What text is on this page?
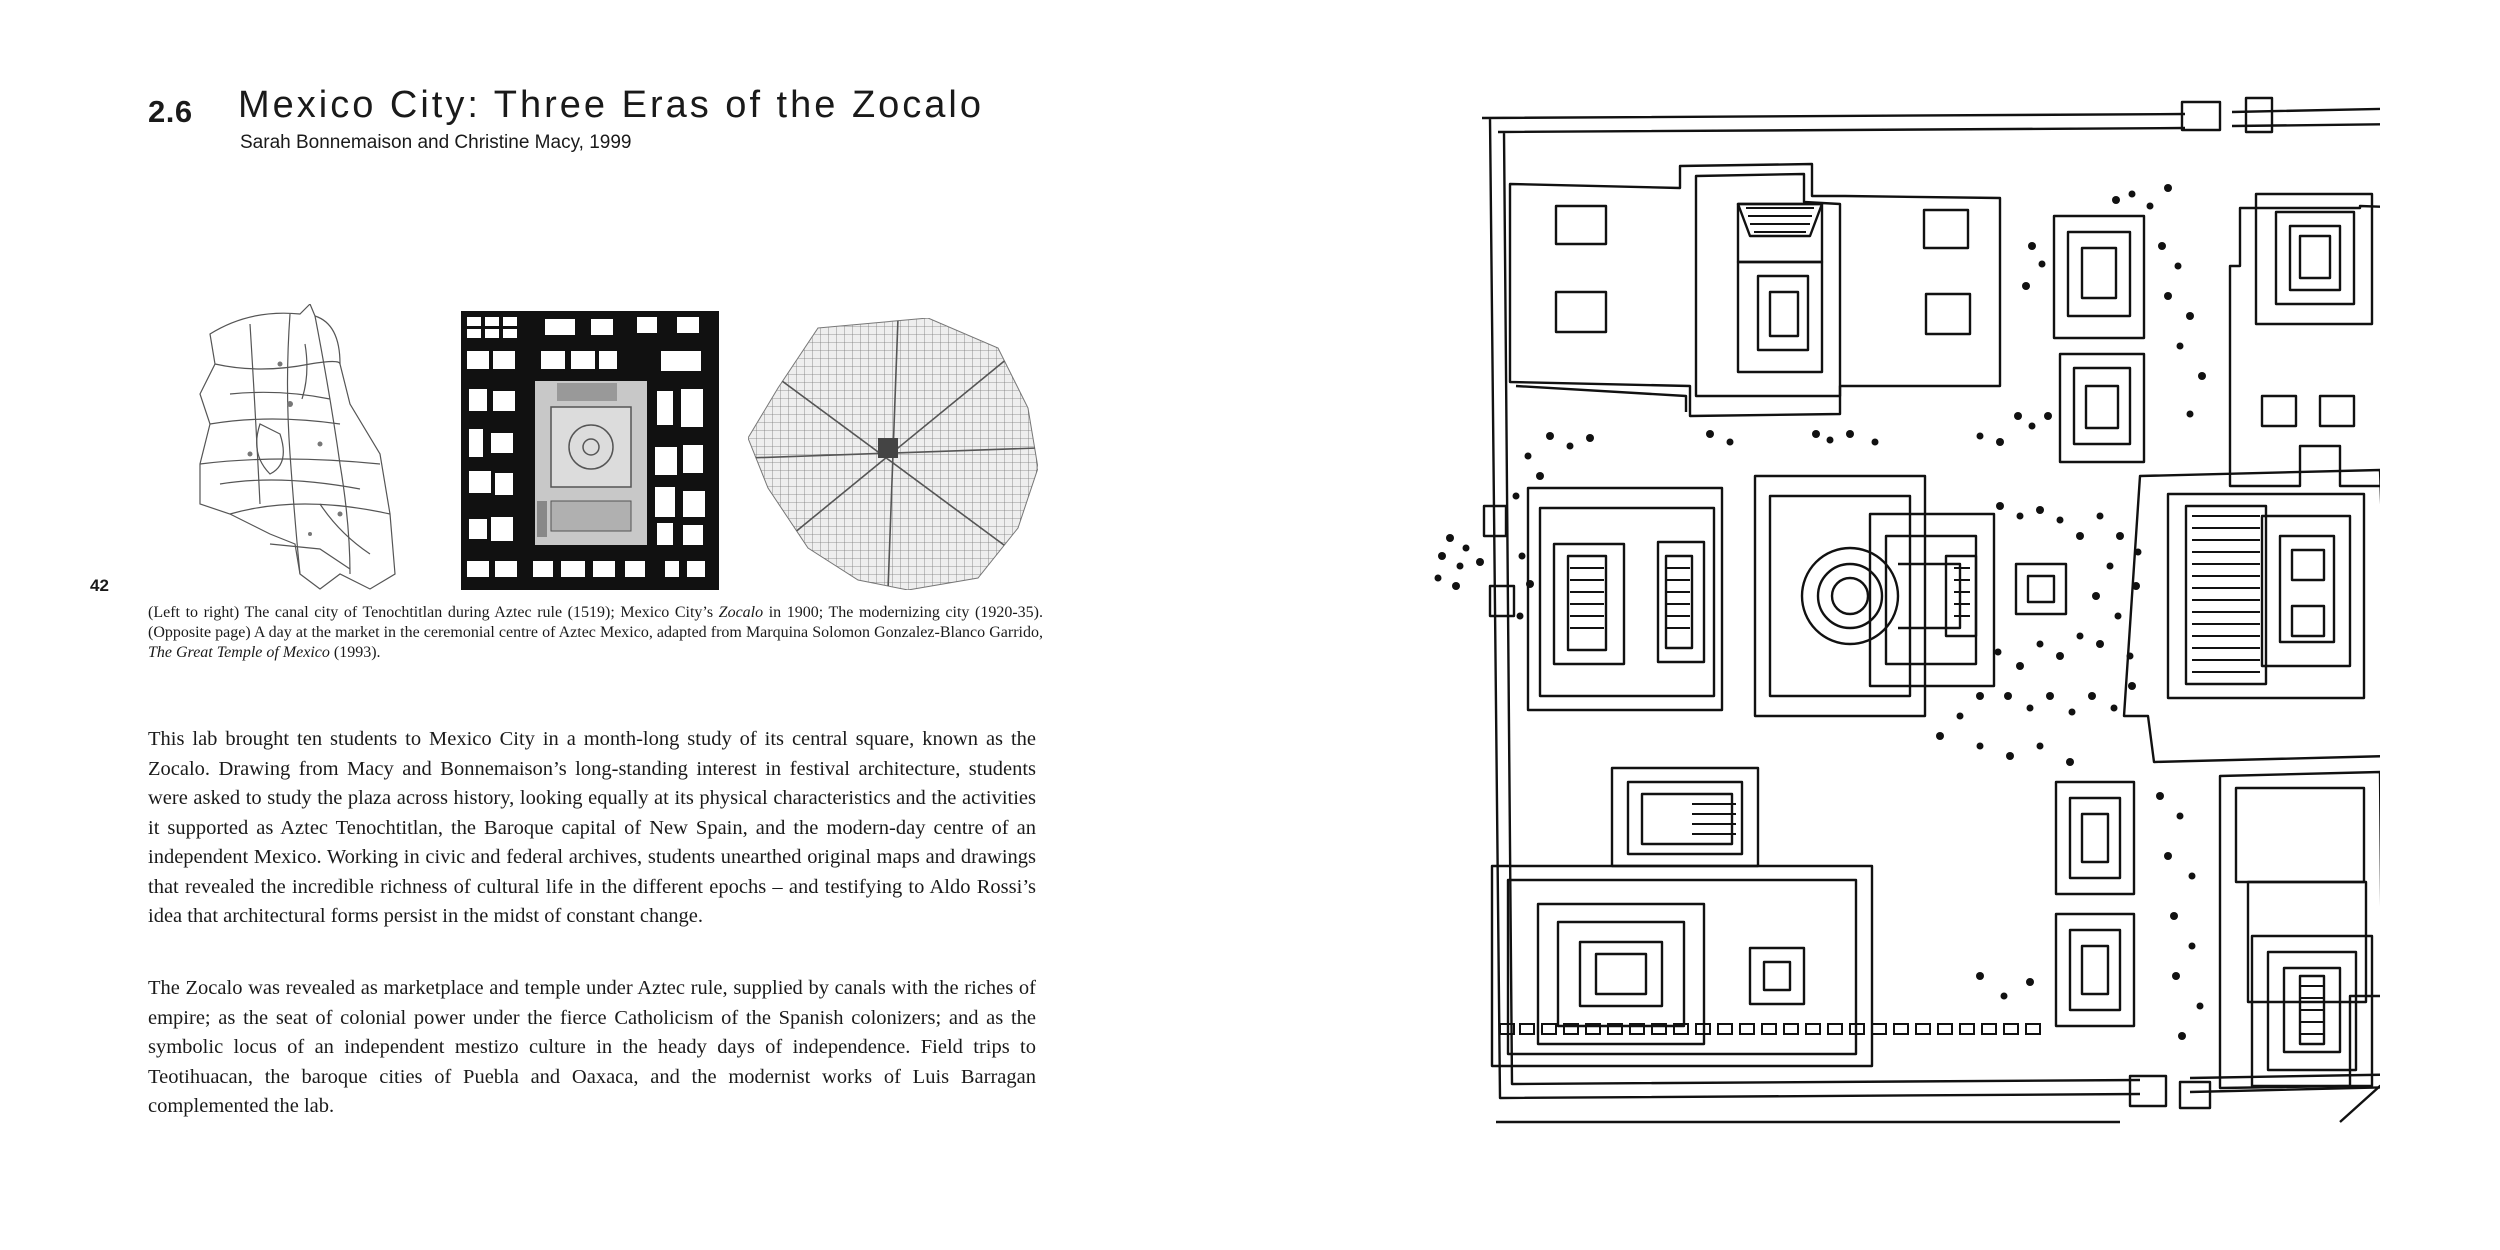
2.6 Mexico City: Three Eras of the Zocalo
Sarah Bonnemaison and Christine Macy, 1999
42
(Left to right) The canal city of Tenochtitlan during Aztec rule (1519); Mexico City’s Zocalo in 1900; The modernizing city (1920-35). (Opposite page) A day at the market in the ceremonial centre of Aztec Mexico, adapted from Marquina Solomon Gonzalez-Blanco Garrido, The Great Temple of Mexico (1993).

This lab brought ten students to Mexico City in a month-long study of its central square, known as the Zocalo. Drawing from Macy and Bonnemaison’s long-standing interest in festival architecture, students were asked to study the plaza across history, looking equally at its physical characteristics and the activities it supported as Aztec Tenochtitlan, the Baroque capital of New Spain, and the modern-day centre of an independent Mexico. Working in civic and federal archives, students unearthed original maps and drawings that revealed the incredible richness of cultural life in the different epochs – and testifying to Aldo Rossi’s idea that architectural forms persist in the midst of constant change.

The Zocalo was revealed as marketplace and temple under Aztec rule, supplied by canals with the riches of empire; as the seat of colonial power under the fierce Catholicism of the Spanish colonizers; and as the symbolic locus of an independent mestizo culture in the heady days of independence. Field trips to Teotihuacan, the baroque cities of Puebla and Oaxaca, and the modernist works of Luis Barragan complemented the lab.
